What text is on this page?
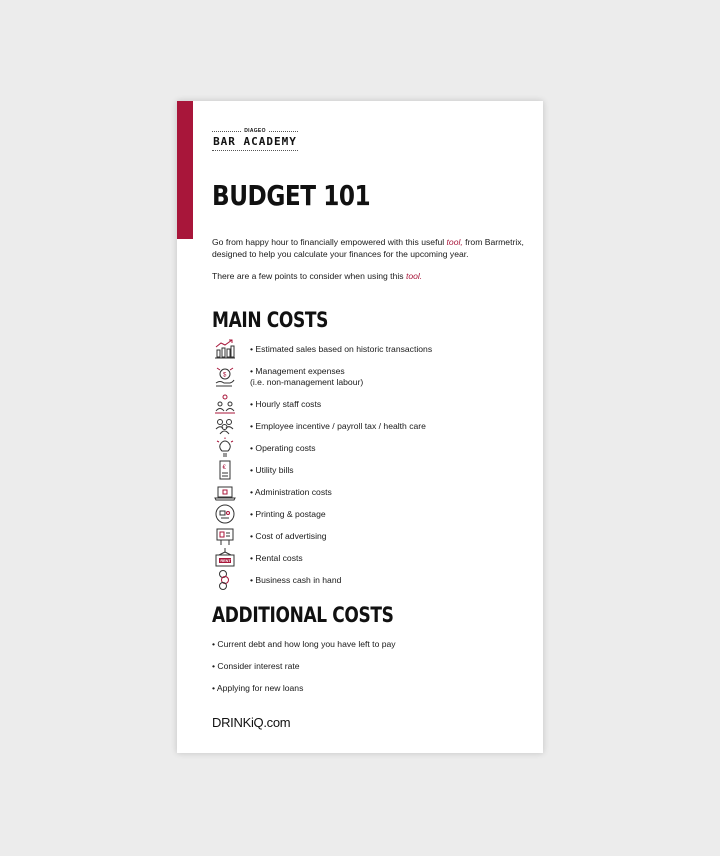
DIAGEO
BAR ACADEMY
BUDGET 101

Go from happy hour to financially empowered with this useful tool, from Barmetrix, designed to help you calculate your finances for the upcoming year.

There are a few points to consider when using this tool.

MAIN COSTS
• Estimated sales based on historic transactions
$	• Management expenses
(i.e. non-management labour)
• Hourly staff costs
• Employee incentive / payroll tax / health care
• Operating costs
€	• Utility bills
• Administration costs
• Printing & postage
• Cost of advertising
RENT • Rental costs
• Business cash in hand
ADDITIONAL COSTS
• Current debt and how long you have left to pay
• Consider interest rate
• Applying for new loans
DRINKiQ.com
